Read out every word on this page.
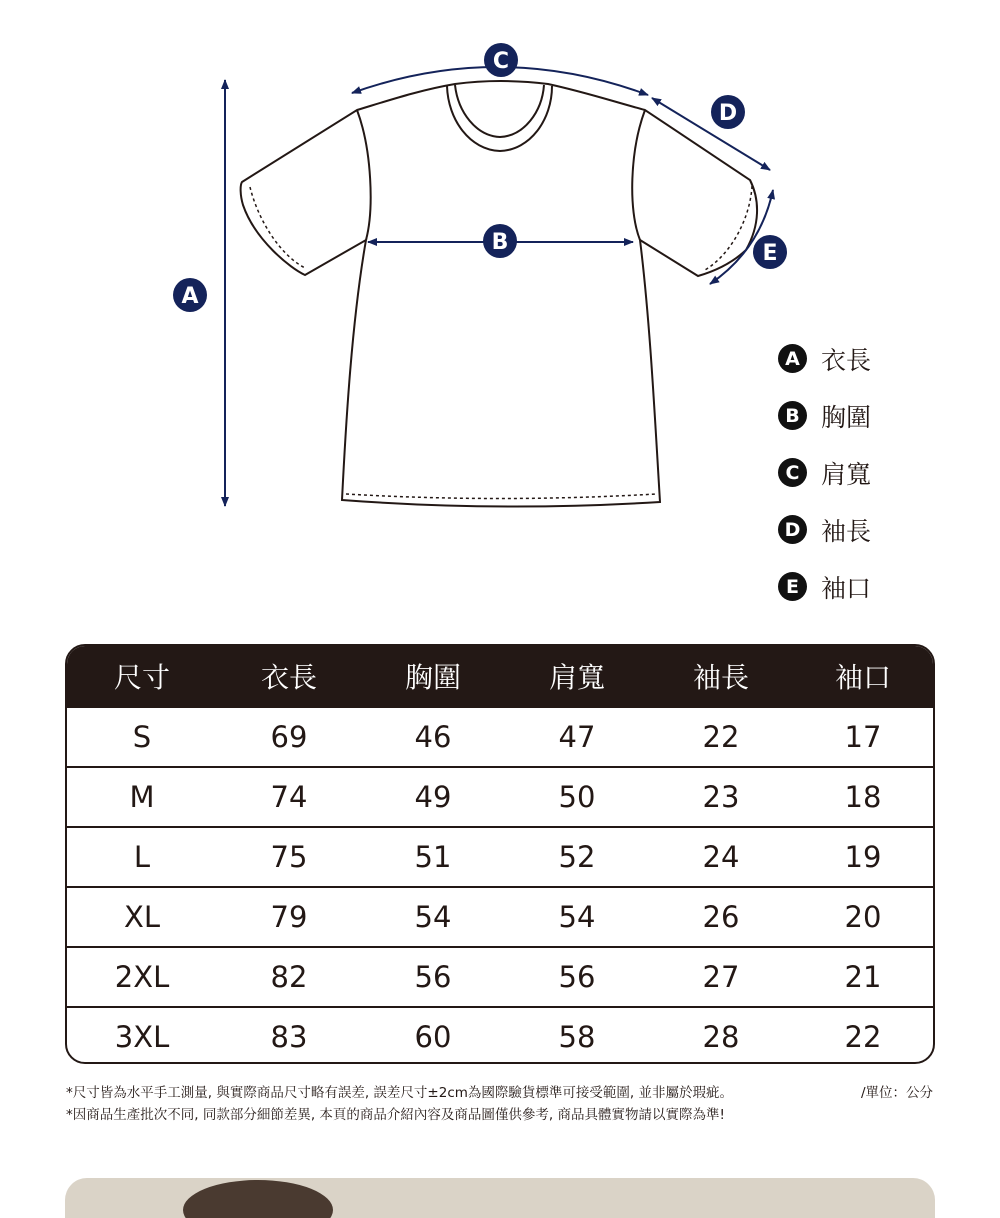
A
B
C
D
E
A 衣長
B 胸圍
C 肩寬
D 袖長
E 袖口
尺寸	衣長	胸圍	肩寬	袖長	袖口
S	69	46	47	22	17
M	74	49	50	23	18
L	75	51	52	24	19
XL	79	54	54	26	20
2XL	82	56	56	27	21
3XL	83	60	58	28	22
*尺寸皆為水平手工測量, 與實際商品尺寸略有誤差, 誤差尺寸±2cm為國際驗貨標準可接受範圍, 並非屬於瑕疵。	/單位：公分
*因商品生產批次不同, 同款部分細節差異, 本頁的商品介紹內容及商品圖僅供參考, 商品具體實物請以實際為準!
